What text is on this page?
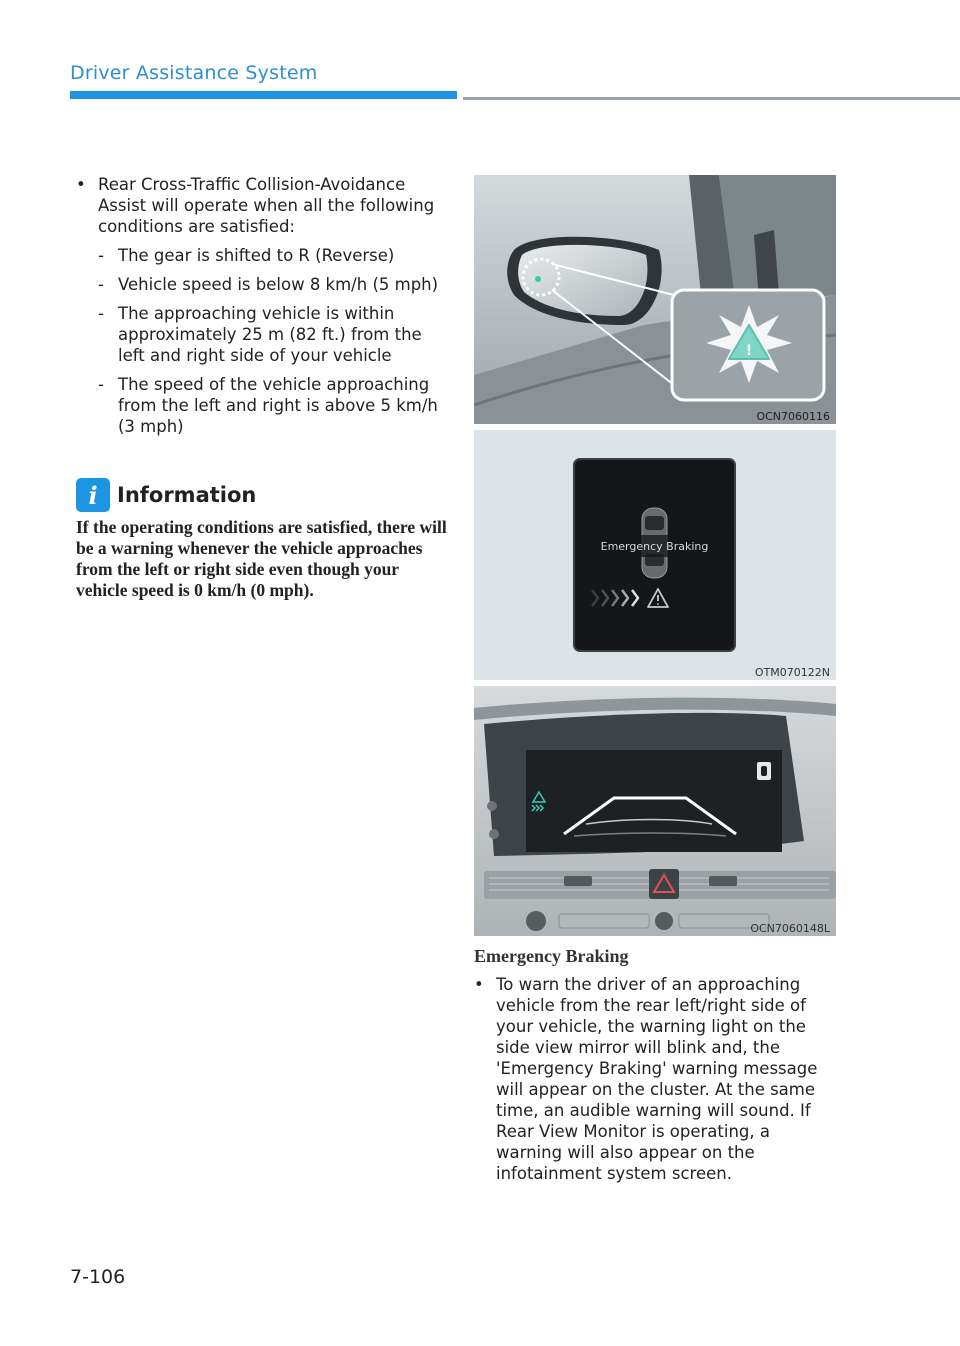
Driver Assistance System
• Rear Cross-Traffic Collision-Avoidance Assist will operate when all the following conditions are satisfied:
- The gear is shifted to R (Reverse)
- Vehicle speed is below 8 km/h (5 mph)
- The approaching vehicle is within approximately 25 m (82 ft.) from the left and right side of your vehicle
- The speed of the vehicle approaching from the left and right is above 5 km/h (3 mph)
i Information
If the operating conditions are satisfied, there will be a warning whenever the vehicle approaches from the left or right side even though your vehicle speed is 0 km/h (0 mph).
!
OCN7060116
Emergency Braking
OTM070122N
OCN7060148L
Emergency Braking
• To warn the driver of an approaching vehicle from the rear left/right side of your vehicle, the warning light on the side view mirror will blink and, the 'Emergency Braking' warning message will appear on the cluster. At the same time, an audible warning will sound. If Rear View Monitor is operating, a warning will also appear on the infotainment system screen.
7-106
